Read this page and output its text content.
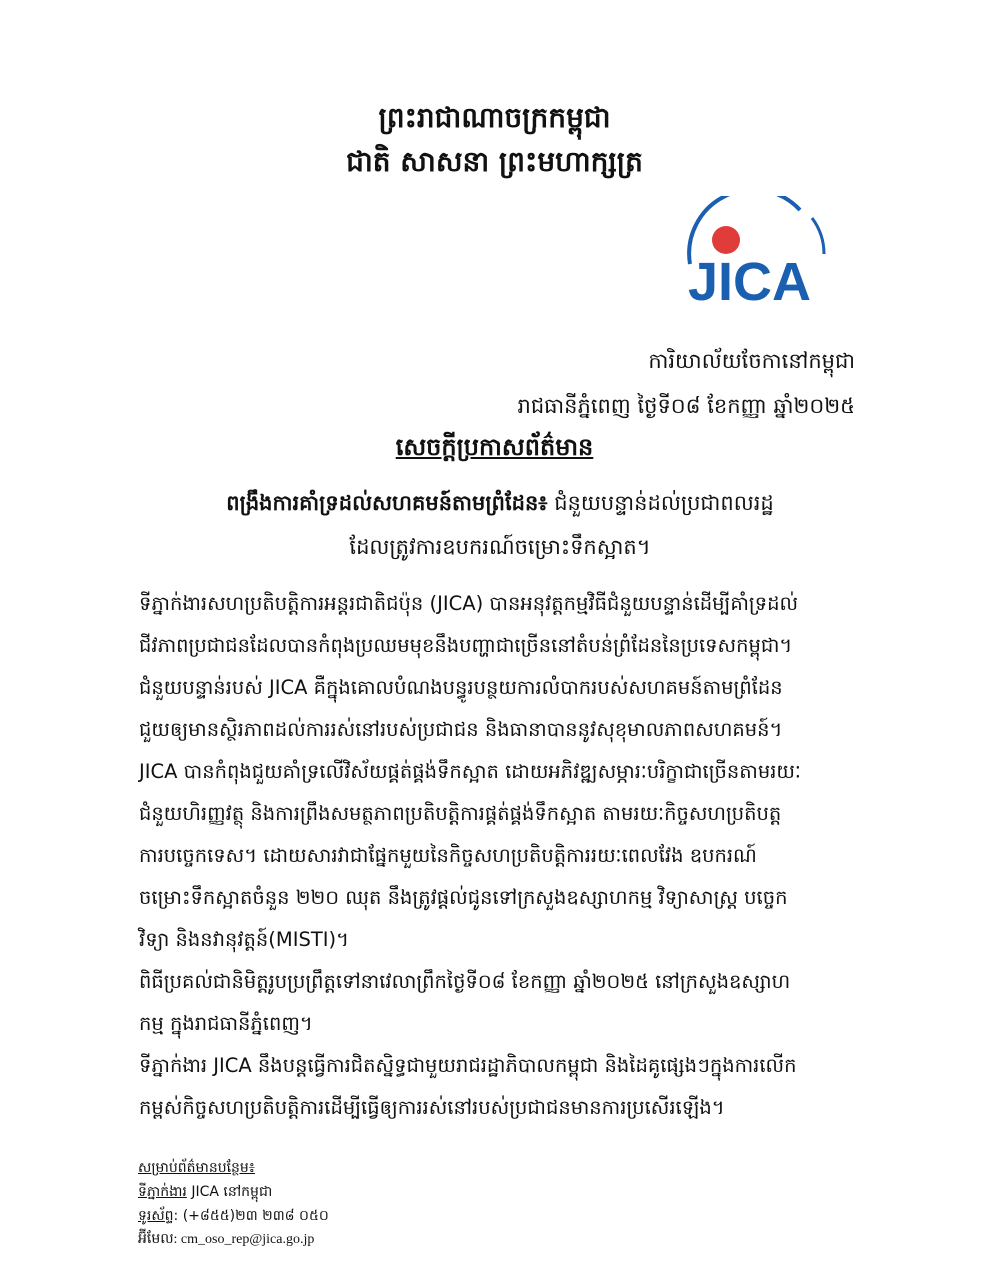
ព្រះរាជាណាចក្រកម្ពុជា
ជាតិ សាសនា ព្រះមហាក្សត្រ
JICA
ការិយាល័យចែកានៅកម្ពុជា
រាជធានីភ្នំពេញ ថ្ងៃទី០៨ ខែកញ្ញា ឆ្នាំ២០២៥
សេចក្ដីប្រកាសព័ត៌មាន
ពង្រឹងការគាំទ្រដល់សហគមន៍តាមព្រំដែន៖ ជំនួយបន្ទាន់ដល់ប្រជាពលរដ្ឋ
ដែលត្រូវការឧបករណ៍ចម្រោះទឹកស្អាត។
ទីភ្នាក់ងារសហប្រតិបត្តិការអន្តរជាតិជប៉ុន (JICA) បានអនុវត្តកម្មវិធីជំនួយបន្ទាន់ដើម្បីគាំទ្រដល់
ជីវភាពប្រជាជនដែលបានកំពុងប្រឈមមុខនឹងបញ្ហាជាច្រើននៅតំបន់ព្រំដែននៃប្រទេសកម្ពុជា។
ជំនួយបន្ទាន់របស់ JICA គឺក្នុងគោលបំណងបន្ធូរបន្ថយការលំបាករបស់សហគមន៍តាមព្រំដែន
ជួយឲ្យមានស្ថិរភាពដល់ការរស់នៅរបស់ប្រជាជន និងធានាបាននូវសុខុមាលភាពសហគមន៍។
JICA បានកំពុងជួយគាំទ្រលើវិស័យផ្គត់ផ្គង់ទឹកស្អាត ដោយអភិវឌ្ឍសម្ភារៈបរិក្ខាជាច្រើនតាមរយៈ
ជំនួយហិរញ្ញវត្ថុ និងការព្រឹងសមត្ថភាពប្រតិបត្តិការផ្គត់ផ្គង់ទឹកស្អាត តាមរយៈកិច្ចសហប្រតិបត្ត
ការបច្ចេកទេស។ ដោយសារវាជាផ្នែកមួយនៃកិច្ចសហប្រតិបត្តិការរយៈពេលវែង ឧបករណ៍
ចម្រោះទឹកស្អាតចំនួន ២២០ ឈុត នឹងត្រូវផ្តល់ជូនទៅក្រសួងឧស្សាហកម្ម វិទ្យាសាស្ត្រ បច្ចេក
វិទ្យា និងនវានុវត្តន៍(MISTI)។
ពិធីប្រគល់ជានិមិត្តរូបប្រព្រឹត្តទៅនាវេលាព្រឹកថ្ងៃទី០៨ ខែកញ្ញា ឆ្នាំ២០២៥ នៅក្រសួងឧស្សាហ
កម្ម ក្នុងរាជធានីភ្នំពេញ។
ទីភ្នាក់ងារ JICA នឹងបន្តធ្វើការជិតស្និទ្ធជាមួយរាជរដ្ឋាភិបាលកម្ពុជា និងដៃគូផ្សេងៗក្នុងការលើក
កម្ពស់កិច្ចសហប្រតិបត្តិការដើម្បីធ្វើឲ្យការរស់នៅរបស់ប្រជាជនមានការប្រសើរឡើង។
សម្រាប់ព័ត៌មានបន្ថែម៖
ទីភ្នាក់ងារ JICA នៅកម្ពុជា
ទូរស័ព្ទ: (+៨៥៥)២៣ ២៣៨ ០៥០
អ៊ីមែល: cm_oso_rep@jica.go.jp
